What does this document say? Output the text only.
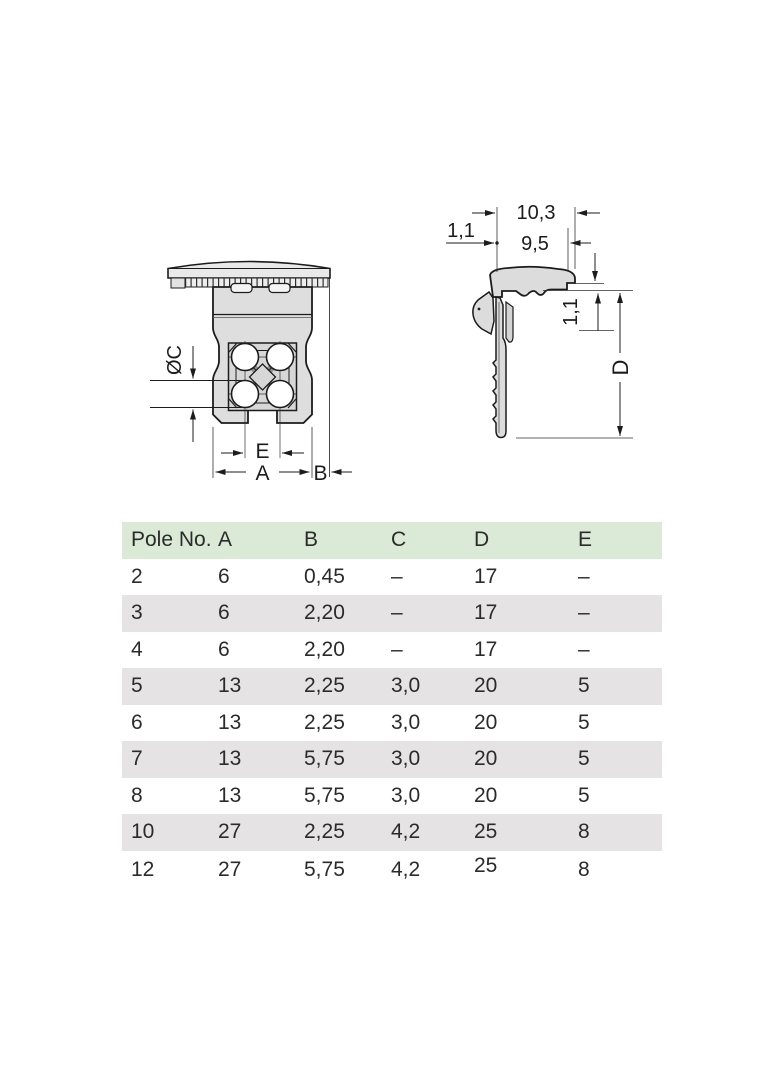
ØC
E
A B
10,3
9,5
1,1
1,1
D
Pole No.	A	B	C	D	E
2	6	0,45	–	17	–
3	6	2,20	–	17	–
4	6	2,20	–	17	–
5	13	2,25	3,0	20	5
6	13	2,25	3,0	20	5
7	13	5,75	3,0	20	5
8	13	5,75	3,0	20	5
10	27	2,25	4,2	25	8
12	27	5,75	4,2	25	8
